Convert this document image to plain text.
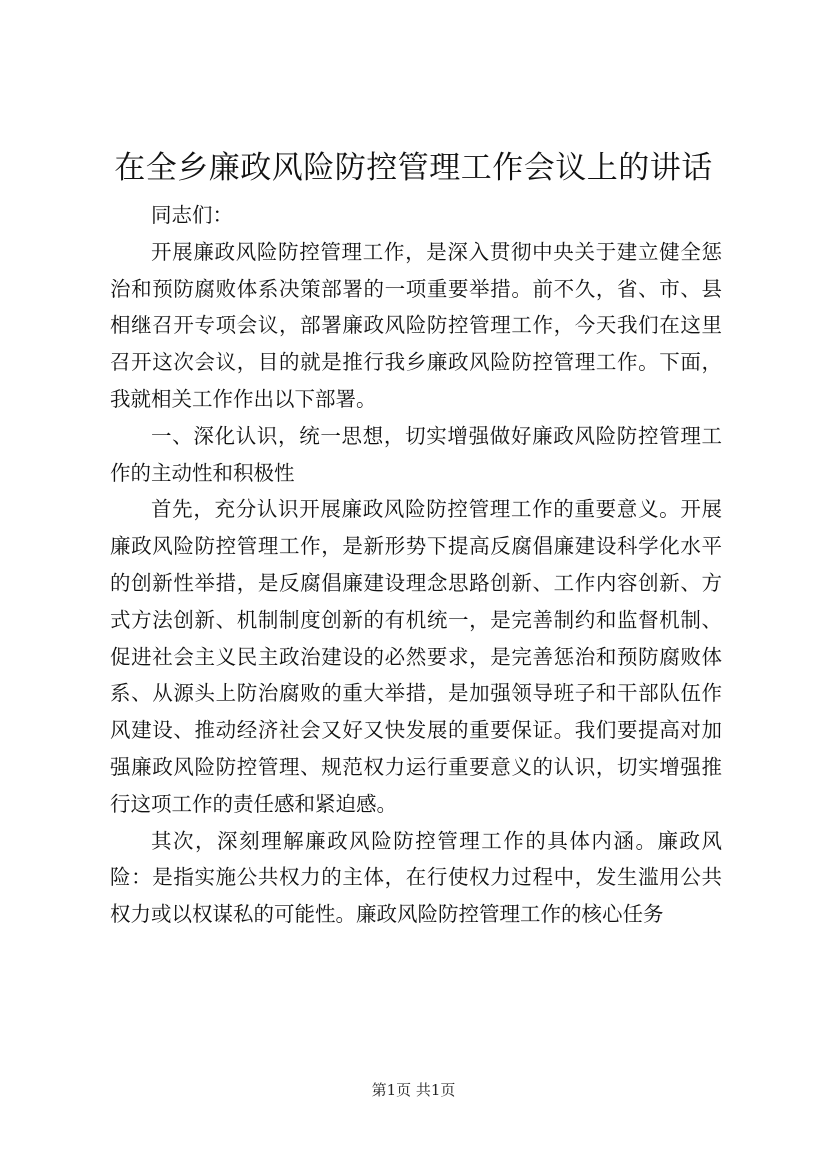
在全乡廉政风险防控管理工作会议上的讲话

同志们：

开展廉政风险防控管理工作，是深入贯彻中央关于建立健全惩治和预防腐败体系决策部署的一项重要举措。前不久，省、市、县相继召开专项会议，部署廉政风险防控管理工作，今天我们在这里召开这次会议，目的就是推行我乡廉政风险防控管理工作。下面，我就相关工作作出以下部署。

一、深化认识，统一思想，切实增强做好廉政风险防控管理工作的主动性和积极性

首先，充分认识开展廉政风险防控管理工作的重要意义。开展廉政风险防控管理工作，是新形势下提高反腐倡廉建设科学化水平的创新性举措，是反腐倡廉建设理念思路创新、工作内容创新、方式方法创新、机制制度创新的有机统一，是完善制约和监督机制、促进社会主义民主政治建设的必然要求，是完善惩治和预防腐败体系、从源头上防治腐败的重大举措，是加强领导班子和干部队伍作风建设、推动经济社会又好又快发展的重要保证。我们要提高对加强廉政风险防控管理、规范权力运行重要意义的认识，切实增强推行这项工作的责任感和紧迫感。

其次，深刻理解廉政风险防控管理工作的具体内涵。廉政风险：是指实施公共权力的主体，在行使权力过程中，发生滥用公共权力或以权谋私的可能性。廉政风险防控管理工作的核心任务

第1页 共1页
